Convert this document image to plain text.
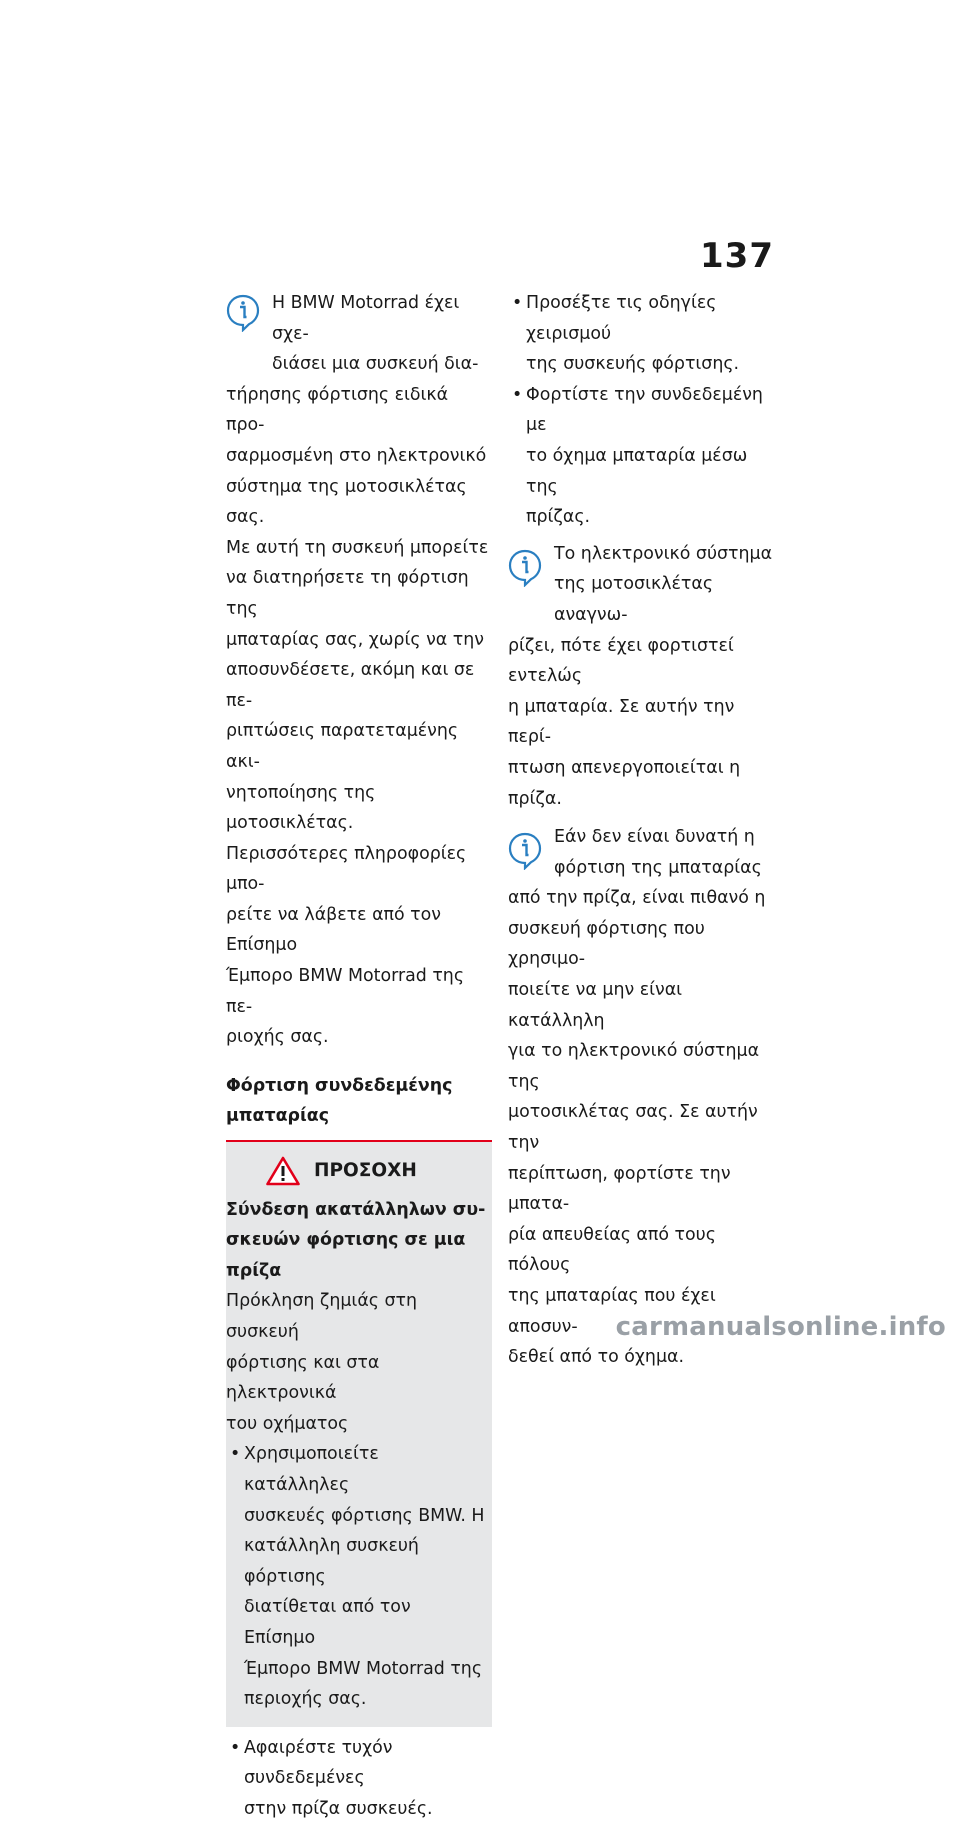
137

Η BMW Motorrad έχει σχε-
διάσει μια συσκευή δια-

τήρησης φόρτισης ειδικά προ-
σαρμοσμένη στο ηλεκτρονικό
σύστημα της μοτοσικλέτας σας.
Με αυτή τη συσκευή μπορείτε
να διατηρήσετε τη φόρτιση της
μπαταρίας σας, χωρίς να την
αποσυνδέσετε, ακόμη και σε πε-
ριπτώσεις παρατεταμένης ακι-
νητοποίησης της μοτοσικλέτας.
Περισσότερες πληροφορίες μπο-
ρείτε να λάβετε από τον Επίσημο
Έμπορο BMW Motorrad της πε-
ριοχής σας.

Φόρτιση συνδεδεμένης
μπαταρίας
ΠΡΟΣΟΧΗ

Σύνδεση ακατάλληλων συ-
σκευών φόρτισης σε μια
πρίζα

Πρόκληση ζημιάς στη συσκευή
φόρτισης και στα ηλεκτρονικά
του οχήματος

• Χρησιμοποιείτε κατάλληλες
συσκευές φόρτισης BMW. Η
κατάλληλη συσκευή φόρτισης
διατίθεται από τον Επίσημο
Έμπορο BMW Motorrad της
περιοχής σας.
• Αφαιρέστε τυχόν συνδεδεμένες
στην πρίζα συσκευές.
• Προσέξτε τις οδηγίες χειρισμού
της συσκευής φόρτισης.
• Φορτίστε την συνδεδεμένη με
το όχημα μπαταρία μέσω της
πρίζας.

Το ηλεκτρονικό σύστημα
της μοτοσικλέτας αναγνω-

ρίζει, πότε έχει φορτιστεί εντελώς
η μπαταρία. Σε αυτήν την περί-
πτωση απενεργοποιείται η πρίζα.

Εάν δεν είναι δυνατή η
φόρτιση της μπαταρίας

από την πρίζα, είναι πιθανό η
συσκευή φόρτισης που χρησιμο-
ποιείτε να μην είναι κατάλληλη
για το ηλεκτρονικό σύστημα της
μοτοσικλέτας σας. Σε αυτήν την
περίπτωση, φορτίστε την μπατα-
ρία απευθείας από τους πόλους
της μπαταρίας που έχει αποσυν-
δεθεί από το όχημα.

carmanualsonline.info
